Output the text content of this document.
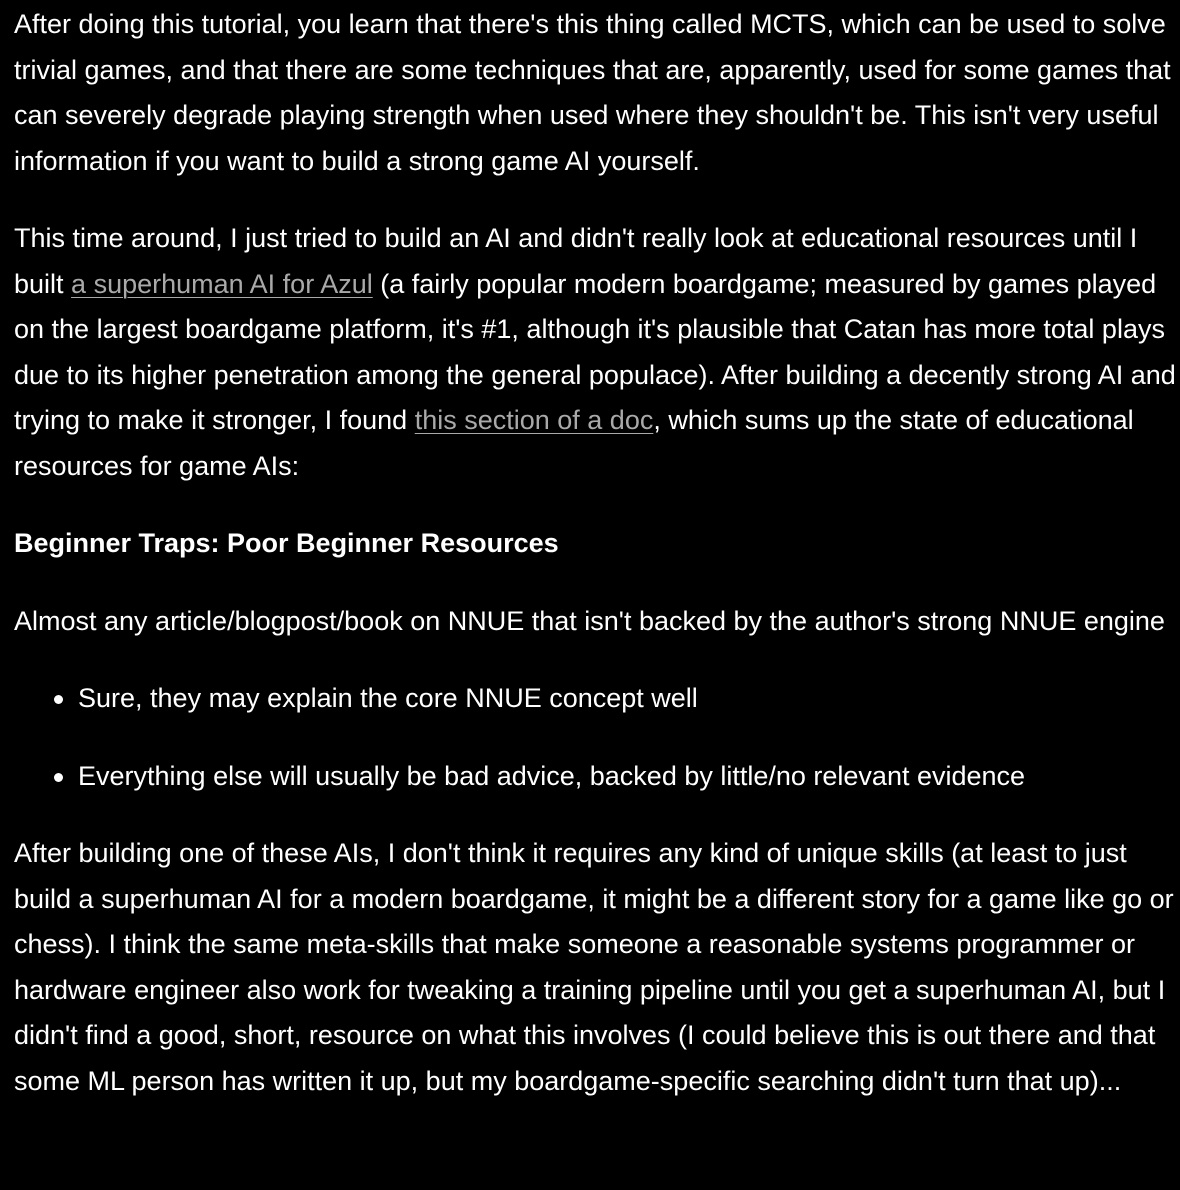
After doing this tutorial, you learn that there's this thing called MCTS, which can be used to solve trivial games, and that there are some techniques that are, apparently, used for some games that can severely degrade playing strength when used where they shouldn't be. This isn't very useful information if you want to build a strong game AI yourself.

This time around, I just tried to build an AI and didn't really look at educational resources until I built a superhuman AI for Azul (a fairly popular modern boardgame; measured by games played on the largest boardgame platform, it's #1, although it's plausible that Catan has more total plays due to its higher penetration among the general populace). After building a decently strong AI and trying to make it stronger, I found this section of a doc, which sums up the state of educational resources for game AIs:

Beginner Traps: Poor Beginner Resources

Almost any article/blogpost/book on NNUE that isn't backed by the author's strong NNUE engine

Sure, they may explain the core NNUE concept well
Everything else will usually be bad advice, backed by little/no relevant evidence

After building one of these AIs, I don't think it requires any kind of unique skills (at least to just build a superhuman AI for a modern boardgame, it might be a different story for a game like go or chess). I think the same meta-skills that make someone a reasonable systems programmer or hardware engineer also work for tweaking a training pipeline until you get a superhuman AI, but I didn't find a good, short, resource on what this involves (I could believe this is out there and that some ML person has written it up, but my boardgame-specific searching didn't turn that up)...
